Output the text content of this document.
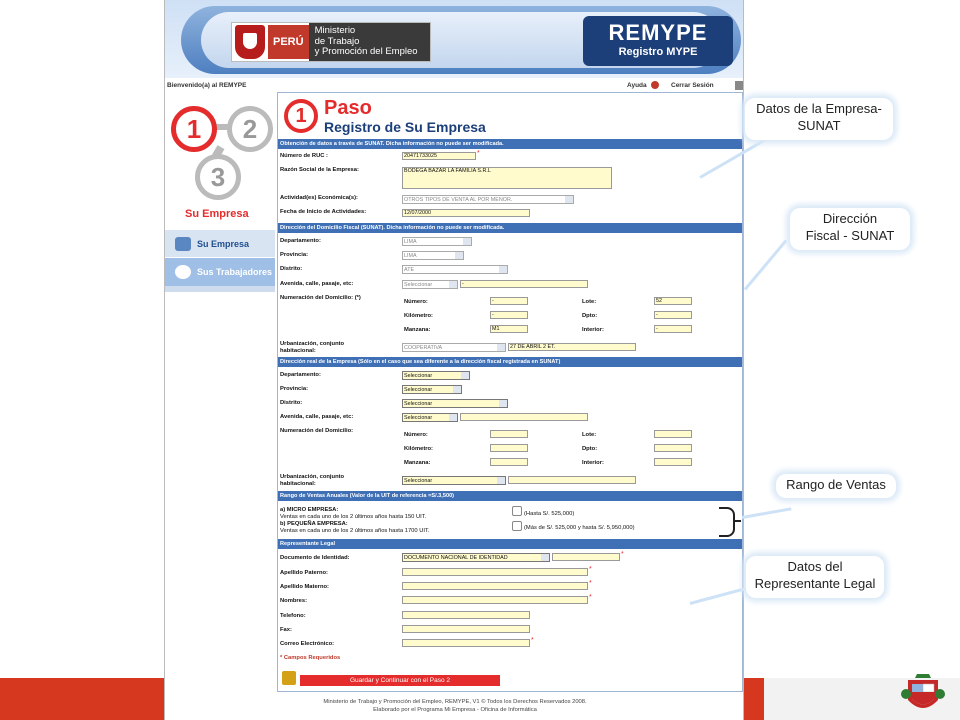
PERÚ
Ministerio
de Trabajo
y Promoción del Empleo
REMYPE
Registro MYPE
Bienvenido(a) al REMYPE	Ayuda	Cerrar Sesión
1	2
3
Su Empresa
Su Empresa
Sus Trabajadores
1 Paso
Registro de Su Empresa
Obtención de datos a través de SUNAT. Dicha información no puede ser modificada.
Número de RUC :	20471733025	*
Razón Social de la Empresa:	BODEGA BAZAR LA FAMILIA S.R.L
Actividad(es) Económica(s):	OTROS TIPOS DE VENTA AL POR MENOR.
Fecha de Inicio de Actividades:	12/07/2000
Dirección del Domicilio Fiscal (SUNAT). Dicha información no puede ser modificada.
Departamento:	LIMA
Provincia:	LIMA
Distrito:	ATE
Avenida, calle, pasaje, etc:	Seleccionar	-
Numeración del Domicilio: (*)
Número:	-	Lote:	52
Kilómetro:	-	Dpto:	-
Manzana:	M1	Interior:	-
Urbanización, conjunto
habitacional:	COOPERATIVA	27 DE ABRIL 2 ET.
Dirección real de la Empresa (Sólo en el caso que sea diferente a la dirección fiscal registrada en SUNAT)
Departamento:	Seleccionar
Provincia:	Seleccionar
Distrito:	Seleccionar
Avenida, calle, pasaje, etc:	Seleccionar
Numeración del Domicilio:
Número:	Lote:
Kilómetro:	Dpto:
Manzana:	Interior:
Urbanización, conjunto
habitacional:	Seleccionar
Rango de Ventas Anuales (Valor de la UIT de referencia =S/.3,500)
a) MICRO EMPRESA:
Ventas en cada uno de los 2 últimos años hasta 150 UIT.
b) PEQUEÑA EMPRESA:
Ventas en cada uno de los 2 últimos años hasta 1700 UIT.
(Hasta S/. 525,000)
(Más de S/. 525,000 y hasta S/. 5,950,000)
Representante Legal
Documento de Identidad:	DOCUMENTO NACIONAL DE IDENTIDAD	*
Apellido Paterno:	*
Apellido Materno:	*
Nombres:	*
Telefono:
Fax:
Correo Electrónico:	*
* Campos Requeridos
Guardar y Continuar con el Paso 2
Ministerio de Trabajo y Promoción del Empleo, REMYPE, V1 © Todos los Derechos Reservados 2008.
Elaborado por el Programa Mi Empresa - Oficina de Informática
Datos de la Empresa-
SUNAT
Dirección
Fiscal - SUNAT
Rango de Ventas
Datos del
Representante Legal
